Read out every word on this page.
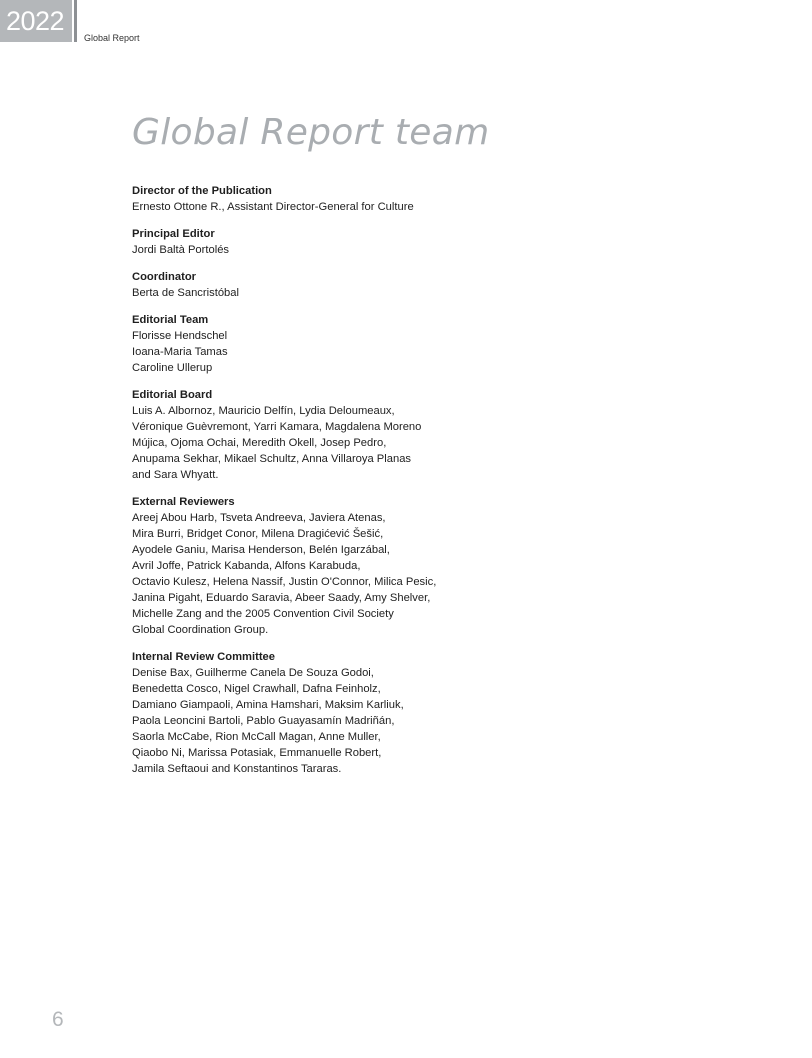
2022
Global Report
Global Report team
Director of the Publication
Ernesto Ottone R., Assistant Director-General for Culture
Principal Editor
Jordi Baltà Portolés
Coordinator
Berta de Sancristóbal
Editorial Team
Florisse Hendschel
Ioana-Maria Tamas
Caroline Ullerup
Editorial Board
Luis A. Albornoz, Mauricio Delfín, Lydia Deloumeaux,
Véronique Guèvremont, Yarri Kamara, Magdalena Moreno
Mújica, Ojoma Ochai, Meredith Okell, Josep Pedro,
Anupama Sekhar, Mikael Schultz, Anna Villaroya Planas
and Sara Whyatt.
External Reviewers
Areej Abou Harb, Tsveta Andreeva, Javiera Atenas,
Mira Burri, Bridget Conor, Milena Dragićević Šešić,
Ayodele Ganiu, Marisa Henderson, Belén Igarzábal,
Avril Joffe, Patrick Kabanda, Alfons Karabuda,
Octavio Kulesz, Helena Nassif, Justin O'Connor, Milica Pesic,
Janina Pigaht, Eduardo Saravia, Abeer Saady, Amy Shelver,
Michelle Zang and the 2005 Convention Civil Society
Global Coordination Group.
Internal Review Committee
Denise Bax, Guilherme Canela De Souza Godoi,
Benedetta Cosco, Nigel Crawhall, Dafna Feinholz,
Damiano Giampaoli, Amina Hamshari, Maksim Karliuk,
Paola Leoncini Bartoli, Pablo Guayasamín Madriñán,
Saorla McCabe, Rion McCall Magan, Anne Muller,
Qiaobo Ni, Marissa Potasiak, Emmanuelle Robert,
Jamila Seftaoui and Konstantinos Tararas.
6
